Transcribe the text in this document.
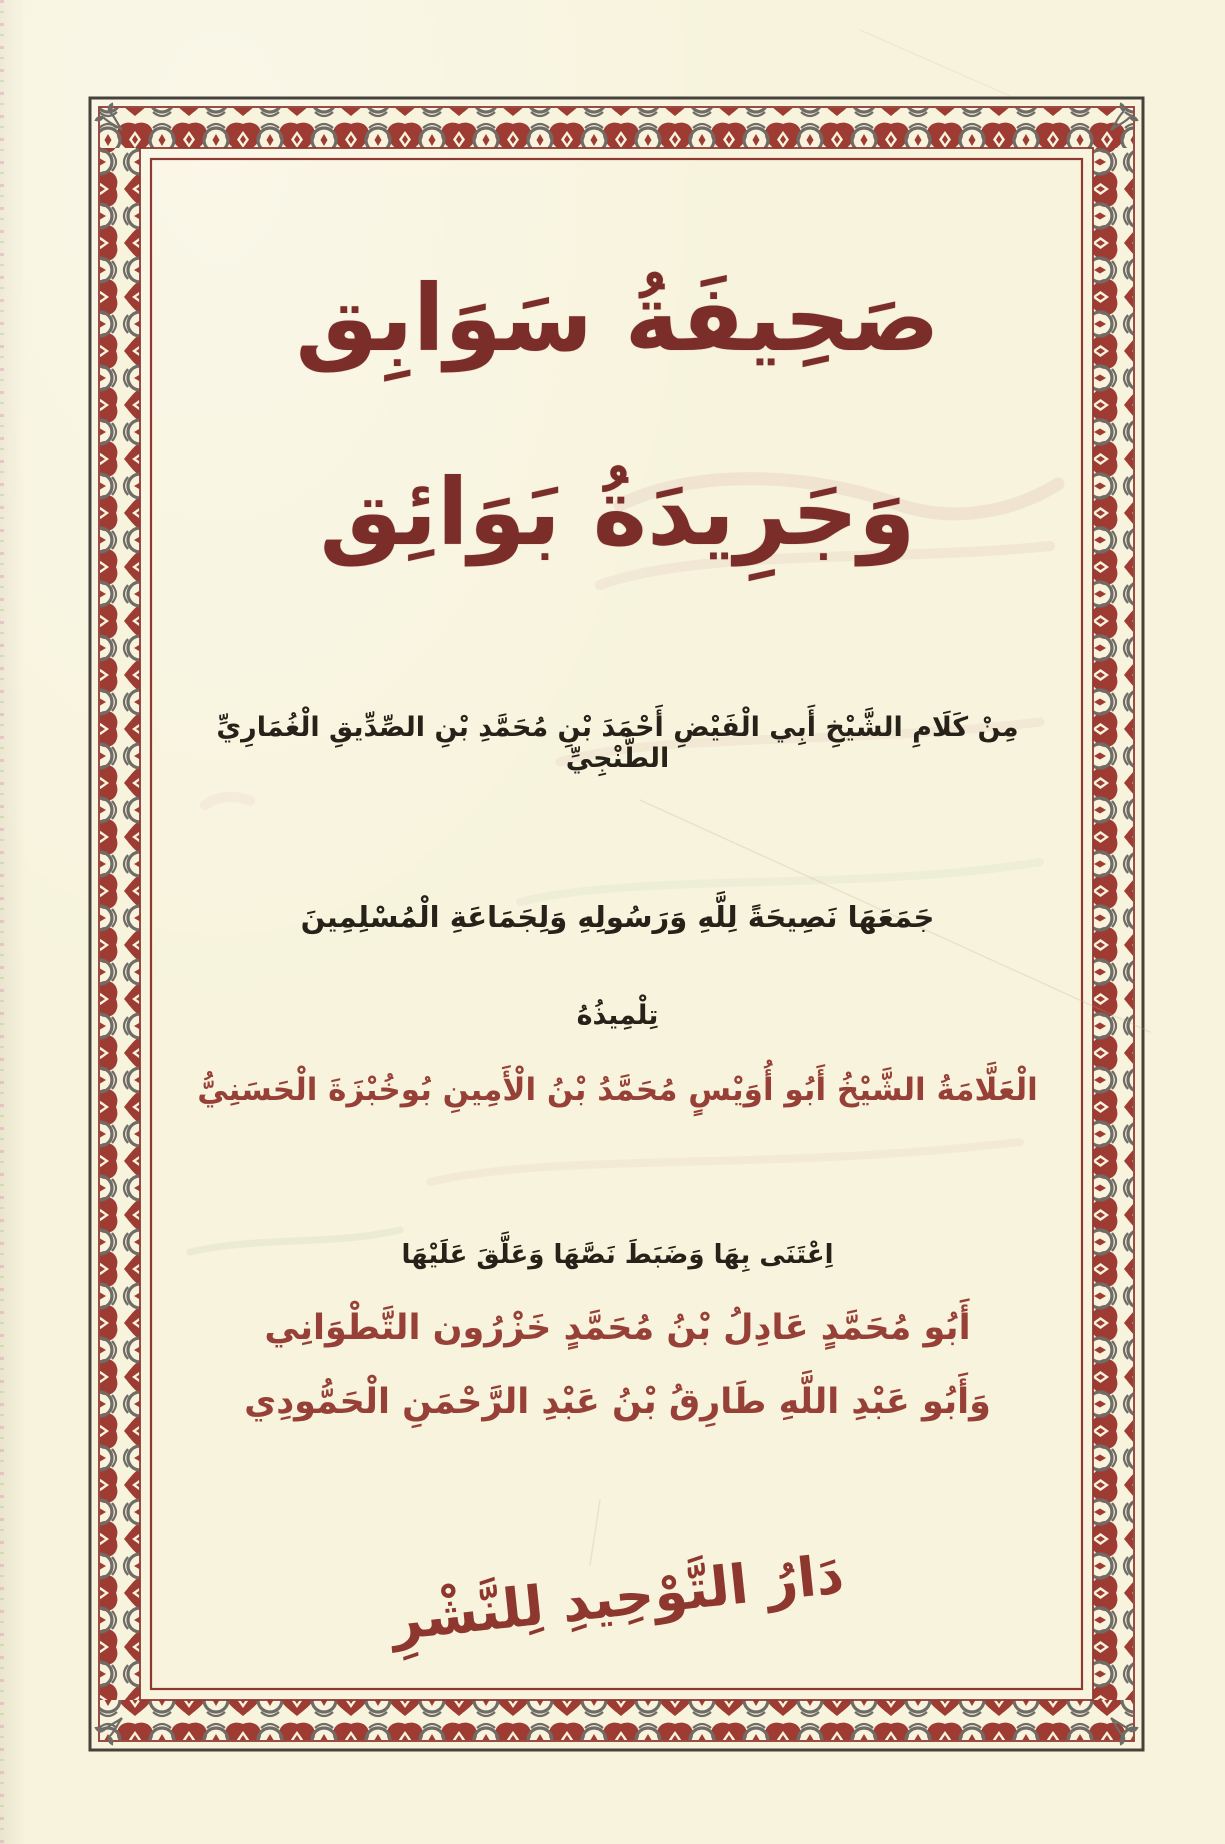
صَحِيفَةُ سَوَابِق
وَجَرِيدَةُ بَوَائِق

مِنْ كَلَامِ الشَّيْخِ أَبِي الْفَيْضِ أَحْمَدَ بْنِ مُحَمَّدِ بْنِ الصِّدِّيقِ الْغُمَارِيِّ الطَّنْجِيِّ

جَمَعَهَا نَصِيحَةً لِلَّهِ وَرَسُولِهِ وَلِجَمَاعَةِ الْمُسْلِمِينَ

تِلْمِيذُهُ

الْعَلَّامَةُ الشَّيْخُ أَبُو أُوَيْسٍ مُحَمَّدُ بْنُ الْأَمِينِ بُوخُبْزَةَ الْحَسَنِيُّ

اِعْتَنَى بِهَا وَضَبَطَ نَصَّهَا وَعَلَّقَ عَلَيْهَا

أَبُو مُحَمَّدٍ عَادِلُ بْنُ مُحَمَّدٍ خَزْرُون التَّطْوَانِي

وَأَبُو عَبْدِ اللَّهِ طَارِقُ بْنُ عَبْدِ الرَّحْمَنِ الْحَمُّودِي

دَارُ التَّوْحِيدِ لِلنَّشْرِ
